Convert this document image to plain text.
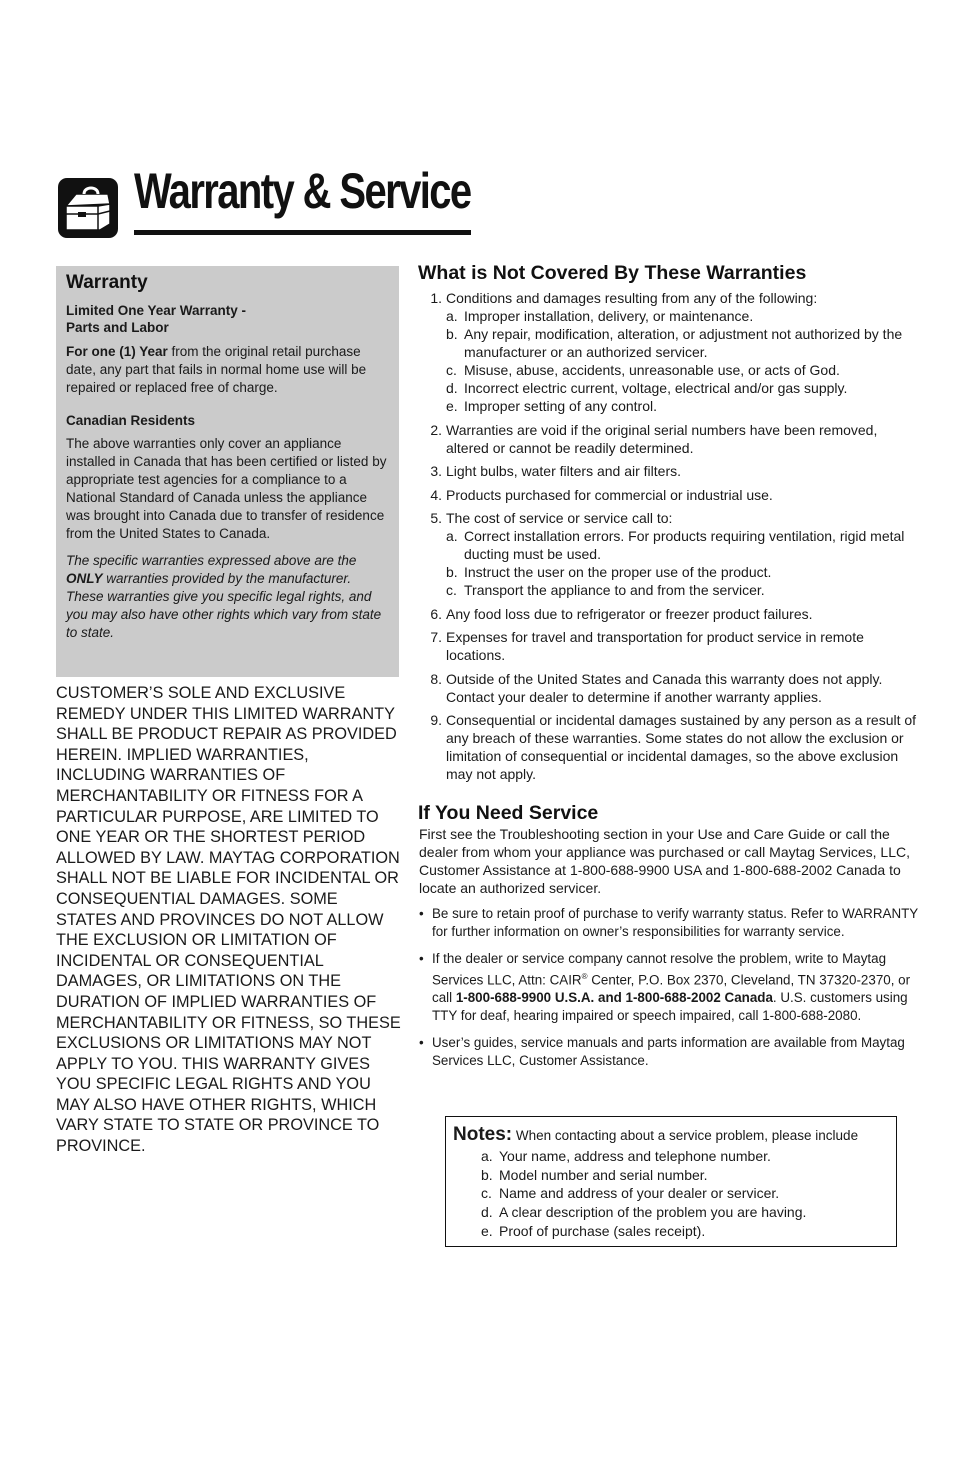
Warranty & Service
Warranty
Limited One Year Warranty -
Parts and Labor
For one (1) Year from the original retail purchase date, any part that fails in normal home use will be repaired or replaced free of charge.
Canadian Residents
The above warranties only cover an appliance installed in Canada that has been certified or listed by appropriate test agencies for a compliance to a National Standard of Canada unless the appliance was brought into Canada due to transfer of residence from the United States to Canada.
The specific warranties expressed above are the ONLY warranties provided by the manufacturer. These warranties give you specific legal rights, and you may also have other rights which vary from state to state.
CUSTOMER’S SOLE AND EXCLUSIVE REMEDY UNDER THIS LIMITED WARRANTY SHALL BE PRODUCT REPAIR AS PROVIDED HEREIN. IMPLIED WARRANTIES, INCLUDING WARRANTIES OF MERCHANTABILITY OR FITNESS FOR A PARTICULAR PURPOSE, ARE LIMITED TO ONE YEAR OR THE SHORTEST PERIOD ALLOWED BY LAW. MAYTAG CORPORATION SHALL NOT BE LIABLE FOR INCIDENTAL OR CONSEQUENTIAL DAMAGES. SOME STATES AND PROVINCES DO NOT ALLOW THE EXCLUSION OR LIMITATION OF INCIDENTAL OR CONSEQUENTIAL DAMAGES, OR LIMITATIONS ON THE DURATION OF IMPLIED WARRANTIES OF MERCHANTABILITY OR FITNESS, SO THESE EXCLUSIONS OR LIMITATIONS MAY NOT APPLY TO YOU. THIS WARRANTY GIVES YOU SPECIFIC LEGAL RIGHTS AND YOU MAY ALSO HAVE OTHER RIGHTS, WHICH VARY STATE TO STATE OR PROVINCE TO PROVINCE.
What is Not Covered By These Warranties
1. Conditions and damages resulting from any of the following:
a. Improper installation, delivery, or maintenance.
b. Any repair, modification, alteration, or adjustment not authorized by the manufacturer or an authorized servicer.
c. Misuse, abuse, accidents, unreasonable use, or acts of God.
d. Incorrect electric current, voltage, electrical and/or gas supply.
e. Improper setting of any control.
2. Warranties are void if the original serial numbers have been removed, altered or cannot be readily determined.
3. Light bulbs, water filters and air filters.
4. Products purchased for commercial or industrial use.
5. The cost of service or service call to:
a. Correct installation errors. For products requiring ventilation, rigid metal ducting must be used.
b. Instruct the user on the proper use of the product.
c. Transport the appliance to and from the servicer.
6. Any food loss due to refrigerator or freezer product failures.
7. Expenses for travel and transportation for product service in remote locations.
8. Outside of the United States and Canada this warranty does not apply. Contact your dealer to determine if another warranty applies.
9. Consequential or incidental damages sustained by any person as a result of any breach of these warranties. Some states do not allow the exclusion or limitation of consequential or incidental damages, so the above exclusion may not apply.
If You Need Service
First see the Troubleshooting section in your Use and Care Guide or call the dealer from whom your appliance was purchased or call Maytag Services, LLC, Customer Assistance at 1-800-688-9900 USA and 1-800-688-2002 Canada to locate an authorized servicer.
• Be sure to retain proof of purchase to verify warranty status. Refer to WARRANTY for further information on owner’s responsibilities for warranty service.
• If the dealer or service company cannot resolve the problem, write to Maytag Services LLC, Attn: CAIR® Center, P.O. Box 2370, Cleveland, TN 37320-2370, or call 1-800-688-9900 U.S.A. and 1-800-688-2002 Canada. U.S. customers using TTY for deaf, hearing impaired or speech impaired, call 1-800-688-2080.
• User’s guides, service manuals and parts information are available from Maytag Services LLC, Customer Assistance.
Notes: When contacting about a service problem, please include
a. Your name, address and telephone number.
b. Model number and serial number.
c. Name and address of your dealer or servicer.
d. A clear description of the problem you are having.
e. Proof of purchase (sales receipt).
